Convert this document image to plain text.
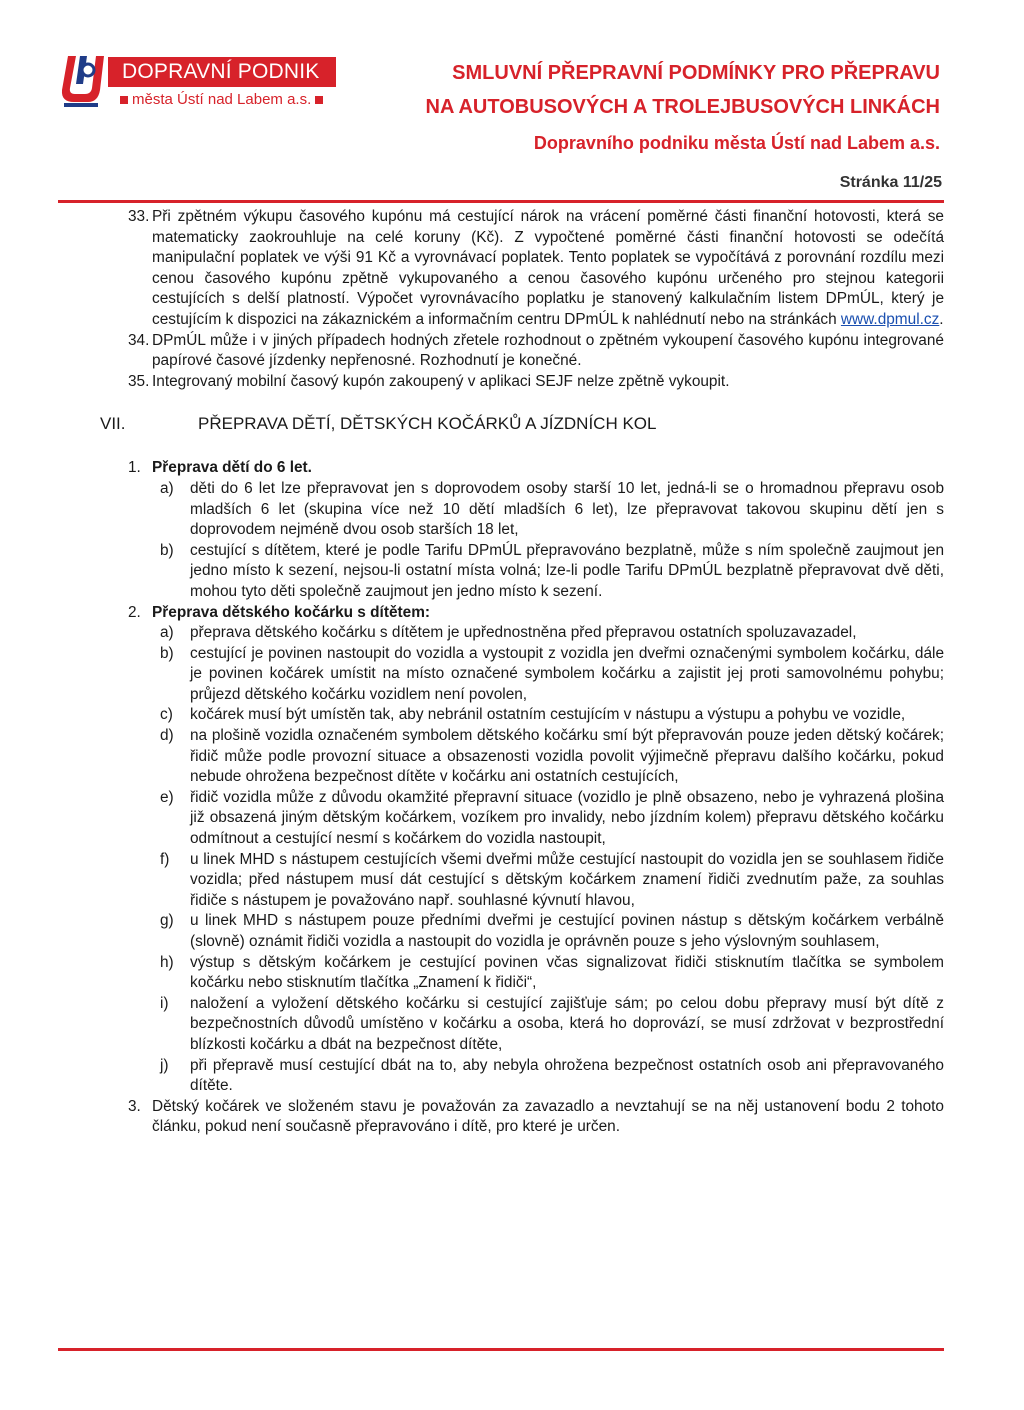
DOPRAVNÍ PODNIK
města Ústí nad Labem a.s.
SMLUVNÍ PŘEPRAVNÍ PODMÍNKY PRO PŘEPRAVU
NA AUTOBUSOVÝCH A TROLEJBUSOVÝCH LINKÁCH
Dopravního podniku města Ústí nad Labem a.s.
Stránka 11/25
33. Při zpětném výkupu časového kupónu má cestující nárok na vrácení poměrné části finanční hotovosti, která se matematicky zaokrouhluje na celé koruny (Kč). Z vypočtené poměrné části finanční hotovosti se odečítá manipulační poplatek ve výši 91 Kč a vyrovnávací poplatek. Tento poplatek se vypočítává z porovnání rozdílu mezi cenou časového kupónu zpětně vykupovaného a cenou časového kupónu určeného pro stejnou kategorii cestujících s delší platností. Výpočet vyrovnávacího poplatku je stanovený kalkulačním listem DPmÚL, který je cestujícím k dispozici na zákaznickém a informačním centru DPmÚL k nahlédnutí nebo na stránkách www.dpmul.cz.
34. DPmÚL může i v jiných případech hodných zřetele rozhodnout o zpětném vykoupení časového kupónu integrované papírové časové jízdenky nepřenosné. Rozhodnutí je konečné.
35. Integrovaný mobilní časový kupón zakoupený v aplikaci SEJF nelze zpětně vykoupit.
VII.	PŘEPRAVA DĚTÍ, DĚTSKÝCH KOČÁRKŮ A JÍZDNÍCH KOL
1. Přeprava dětí do 6 let.
a) děti do 6 let lze přepravovat jen s doprovodem osoby starší 10 let, jedná-li se o hromadnou přepravu osob mladších 6 let (skupina více než 10 dětí mladších 6 let), lze přepravovat takovou skupinu dětí jen s doprovodem nejméně dvou osob starších 18 let,
b) cestující s dítětem, které je podle Tarifu DPmÚL přepravováno bezplatně, může s ním společně zaujmout jen jedno místo k sezení, nejsou-li ostatní místa volná; lze-li podle Tarifu DPmÚL bezplatně přepravovat dvě děti, mohou tyto děti společně zaujmout jen jedno místo k sezení.
2. Přeprava dětského kočárku s dítětem:
a) přeprava dětského kočárku s dítětem je upřednostněna před přepravou ostatních spoluzavazadel,
b) cestující je povinen nastoupit do vozidla a vystoupit z vozidla jen dveřmi označenými symbolem kočárku, dále je povinen kočárek umístit na místo označené symbolem kočárku a zajistit jej proti samovolnému pohybu; průjezd dětského kočárku vozidlem není povolen,
c) kočárek musí být umístěn tak, aby nebránil ostatním cestujícím v nástupu a výstupu a pohybu ve vozidle,
d) na plošině vozidla označeném symbolem dětského kočárku smí být přepravován pouze jeden dětský kočárek; řidič může podle provozní situace a obsazenosti vozidla povolit výjimečně přepravu dalšího kočárku, pokud nebude ohrožena bezpečnost dítěte v kočárku ani ostatních cestujících,
e) řidič vozidla může z důvodu okamžité přepravní situace (vozidlo je plně obsazeno, nebo je vyhrazená plošina již obsazená jiným dětským kočárkem, vozíkem pro invalidy, nebo jízdním kolem) přepravu dětského kočárku odmítnout a cestující nesmí s kočárkem do vozidla nastoupit,
f) u linek MHD s nástupem cestujících všemi dveřmi může cestující nastoupit do vozidla jen se souhlasem řidiče vozidla; před nástupem musí dát cestující s dětským kočárkem znamení řidiči zvednutím paže, za souhlas řidiče s nástupem je považováno např. souhlasné kývnutí hlavou,
g) u linek MHD s nástupem pouze předními dveřmi je cestující povinen nástup s dětským kočárkem verbálně (slovně) oznámit řidiči vozidla a nastoupit do vozidla je oprávněn pouze s jeho výslovným souhlasem,
h) výstup s dětským kočárkem je cestující povinen včas signalizovat řidiči stisknutím tlačítka se symbolem kočárku nebo stisknutím tlačítka „Znamení k řidiči“,
i) naložení a vyložení dětského kočárku si cestující zajišťuje sám; po celou dobu přepravy musí být dítě z bezpečnostních důvodů umístěno v kočárku a osoba, která ho doprovází, se musí zdržovat v bezprostřední blízkosti kočárku a dbát na bezpečnost dítěte,
j) při přepravě musí cestující dbát na to, aby nebyla ohrožena bezpečnost ostatních osob ani přepravovaného dítěte.
3. Dětský kočárek ve složeném stavu je považován za zavazadlo a nevztahují se na něj ustanovení bodu 2 tohoto článku, pokud není současně přepravováno i dítě, pro které je určen.
